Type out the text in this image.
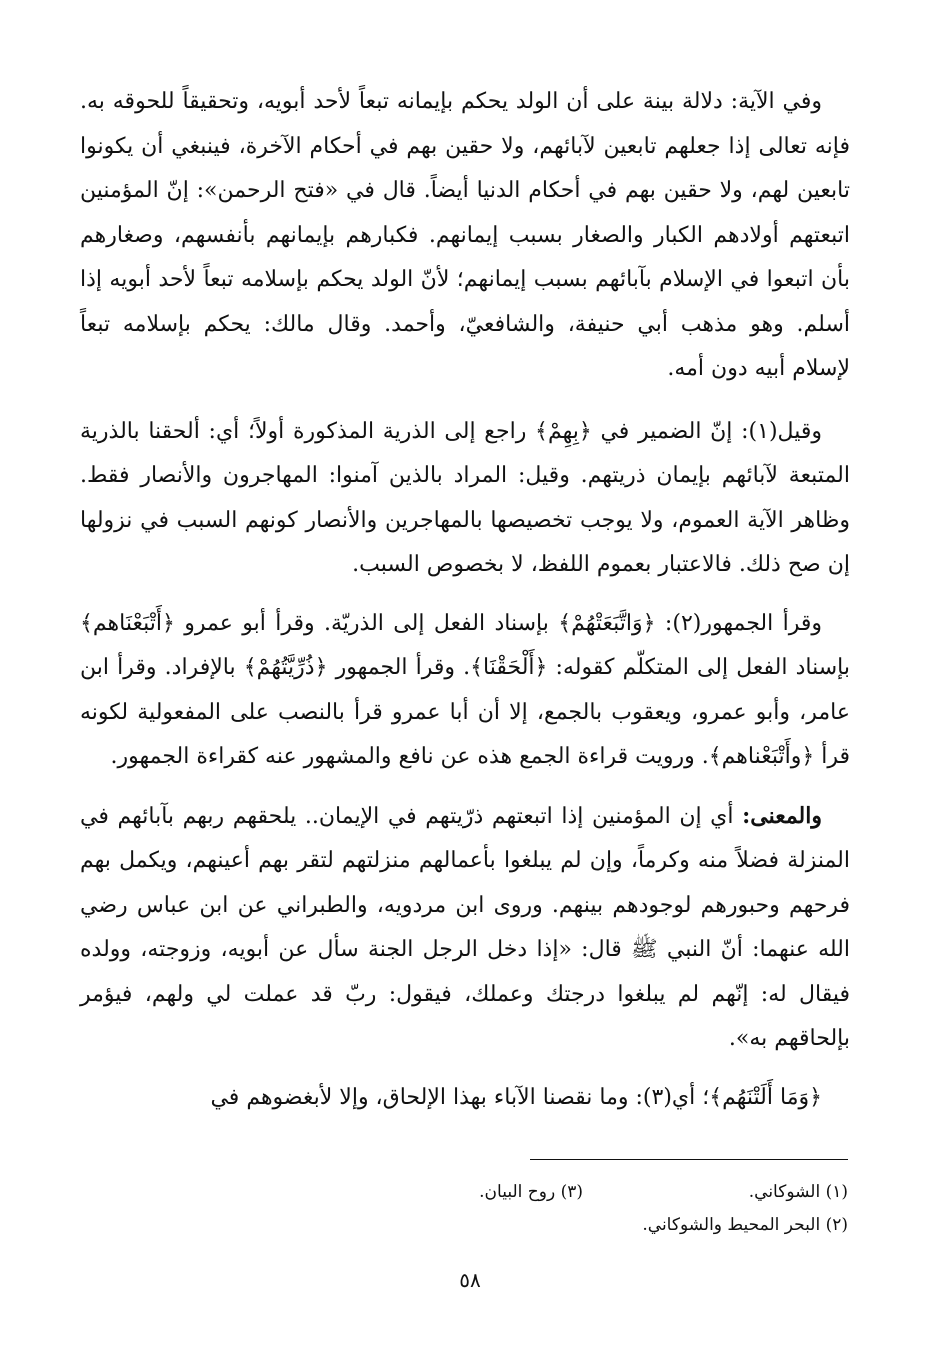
وفي الآية: دلالة بينة على أن الولد يحكم بإيمانه تبعاً لأحد أبويه، وتحقيقاً للحوقه به. فإنه تعالى إذا جعلهم تابعين لآبائهم، ولا حقين بهم في أحكام الآخرة، فينبغي أن يكونوا تابعين لهم، ولا حقين بهم في أحكام الدنيا أيضاً. قال في «فتح الرحمن»: إنّ المؤمنين اتبعتهم أولادهم الكبار والصغار بسبب إيمانهم. فكبارهم بإيمانهم بأنفسهم، وصغارهم بأن اتبعوا في الإسلام بآبائهم بسبب إيمانهم؛ لأنّ الولد يحكم بإسلامه تبعاً لأحد أبويه إذا أسلم. وهو مذهب أبي حنيفة، والشافعيّ، وأحمد. وقال مالك: يحكم بإسلامه تبعاً لإسلام أبيه دون أمه.

وقيل(١): إنّ الضمير في ﴿بِهِمْ﴾ راجع إلى الذرية المذكورة أولاً؛ أي: ألحقنا بالذرية المتبعة لآبائهم بإيمان ذريتهم. وقيل: المراد بالذين آمنوا: المهاجرون والأنصار فقط. وظاهر الآية العموم، ولا يوجب تخصيصها بالمهاجرين والأنصار كونهم السبب في نزولها إن صح ذلك. فالاعتبار بعموم اللفظ، لا بخصوص السبب.

وقرأ الجمهور(٢): ﴿وَاتَّبَعَتْهُمْ﴾ بإسناد الفعل إلى الذريّة. وقرأ أبو عمرو ﴿أَتْبَعْنَاهم﴾ بإسناد الفعل إلى المتكلّم كقوله: ﴿أَلْحَقْنَا﴾. وقرأ الجمهور ﴿ذُرِّيَّتُهُمْ﴾ بالإفراد. وقرأ ابن عامر، وأبو عمرو، ويعقوب بالجمع، إلا أن أبا عمرو قرأ بالنصب على المفعولية لكونه قرأ ﴿وأَتْبَعْناهم﴾. ورويت قراءة الجمع هذه عن نافع والمشهور عنه كقراءة الجمهور.

والمعنى: أي إن المؤمنين إذا اتبعتهم ذرّيتهم في الإيمان.. يلحقهم ربهم بآبائهم في المنزلة فضلاً منه وكرماً، وإن لم يبلغوا بأعمالهم منزلتهم لتقر بهم أعينهم، ويكمل بهم فرحهم وحبورهم لوجودهم بينهم. وروى ابن مردويه، والطبراني عن ابن عباس رضي الله عنهما: أنّ النبي ﷺ قال: «إذا دخل الرجل الجنة سأل عن أبويه، وزوجته، وولده فيقال له: إنّهم لم يبلغوا درجتك وعملك، فيقول: ربّ قد عملت لي ولهم، فيؤمر بإلحاقهم به».

﴿وَمَا أَلَتْنَهُم﴾؛ أي(٣): وما نقصنا الآباء بهذا الإلحاق، وإلا لأبغضوهم في

(١) الشوكاني.
(٣) روح البيان.
(٢) البحر المحيط والشوكاني.
٥٨
